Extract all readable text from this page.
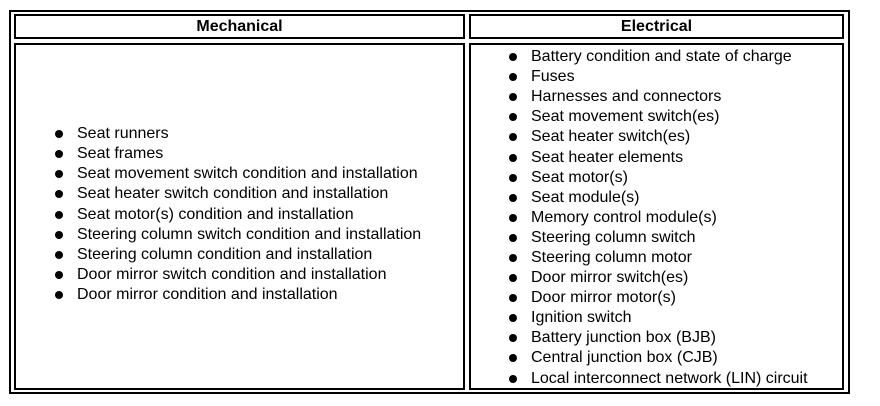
Mechanical	Electrical
Seat runners
Seat frames
Seat movement switch condition and installation
Seat heater switch condition and installation
Seat motor(s) condition and installation
Steering column switch condition and installation
Steering column condition and installation
Door mirror switch condition and installation
Door mirror condition and installation
Battery condition and state of charge
Fuses
Harnesses and connectors
Seat movement switch(es)
Seat heater switch(es)
Seat heater elements
Seat motor(s)
Seat module(s)
Memory control module(s)
Steering column switch
Steering column motor
Door mirror switch(es)
Door mirror motor(s)
Ignition switch
Battery junction box (BJB)
Central junction box (CJB)
Local interconnect network (LIN) circuit
